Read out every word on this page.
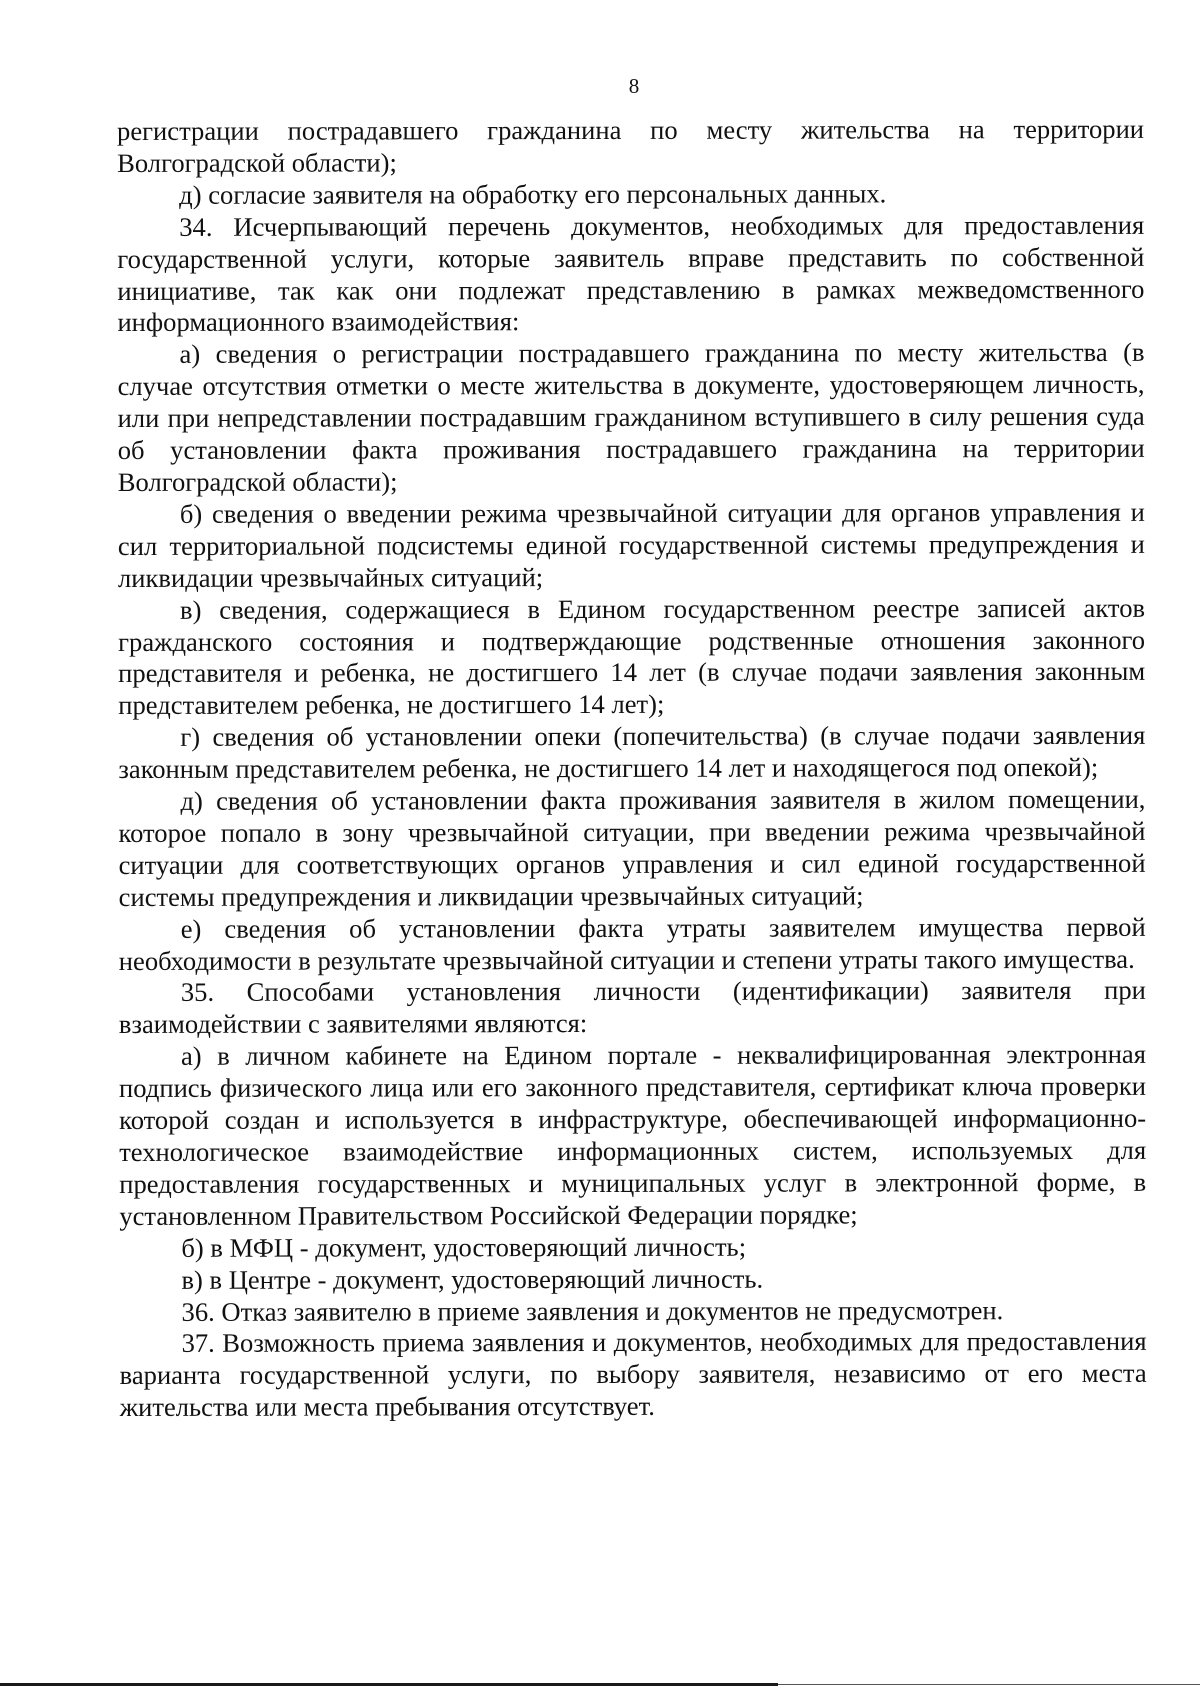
8

регистрации пострадавшего гражданина по месту жительства на территории Волгоградской области);

д) согласие заявителя на обработку его персональных данных.

34. Исчерпывающий перечень документов, необходимых для предоставления государственной услуги, которые заявитель вправе представить по собственной инициативе, так как они подлежат представлению в рамках межведомственного информационного взаимодействия:

а) сведения о регистрации пострадавшего гражданина по месту жительства (в случае отсутствия отметки о месте жительства в документе, удостоверяющем личность, или при непредставлении пострадавшим гражданином вступившего в силу решения суда об установлении факта проживания пострадавшего гражданина на территории Волгоградской области);

б) сведения о введении режима чрезвычайной ситуации для органов управления и сил территориальной подсистемы единой государственной системы предупреждения и ликвидации чрезвычайных ситуаций;

в) сведения, содержащиеся в Едином государственном реестре записей актов гражданского состояния и подтверждающие родственные отношения законного представителя и ребенка, не достигшего 14 лет (в случае подачи заявления законным представителем ребенка, не достигшего 14 лет);

г) сведения об установлении опеки (попечительства) (в случае подачи заявления законным представителем ребенка, не достигшего 14 лет и находящегося под опекой);

д) сведения об установлении факта проживания заявителя в жилом помещении, которое попало в зону чрезвычайной ситуации, при введении режима чрезвычайной ситуации для соответствующих органов управления и сил единой государственной системы предупреждения и ликвидации чрезвычайных ситуаций;

е) сведения об установлении факта утраты заявителем имущества первой необходимости в результате чрезвычайной ситуации и степени утраты такого имущества.

35. Способами установления личности (идентификации) заявителя при взаимодействии с заявителями являются:

а) в личном кабинете на Едином портале - неквалифицированная электронная подпись физического лица или его законного представителя, сертификат ключа проверки которой создан и используется в инфраструктуре, обеспечивающей информационно-технологическое взаимодействие информационных систем, используемых для предоставления государственных и муниципальных услуг в электронной форме, в установленном Правительством Российской Федерации порядке;

б) в МФЦ - документ, удостоверяющий личность;

в) в Центре - документ, удостоверяющий личность.

36. Отказ заявителю в приеме заявления и документов не предусмотрен.

37. Возможность приема заявления и документов, необходимых для предоставления варианта государственной услуги, по выбору заявителя, независимо от его места жительства или места пребывания отсутствует.
